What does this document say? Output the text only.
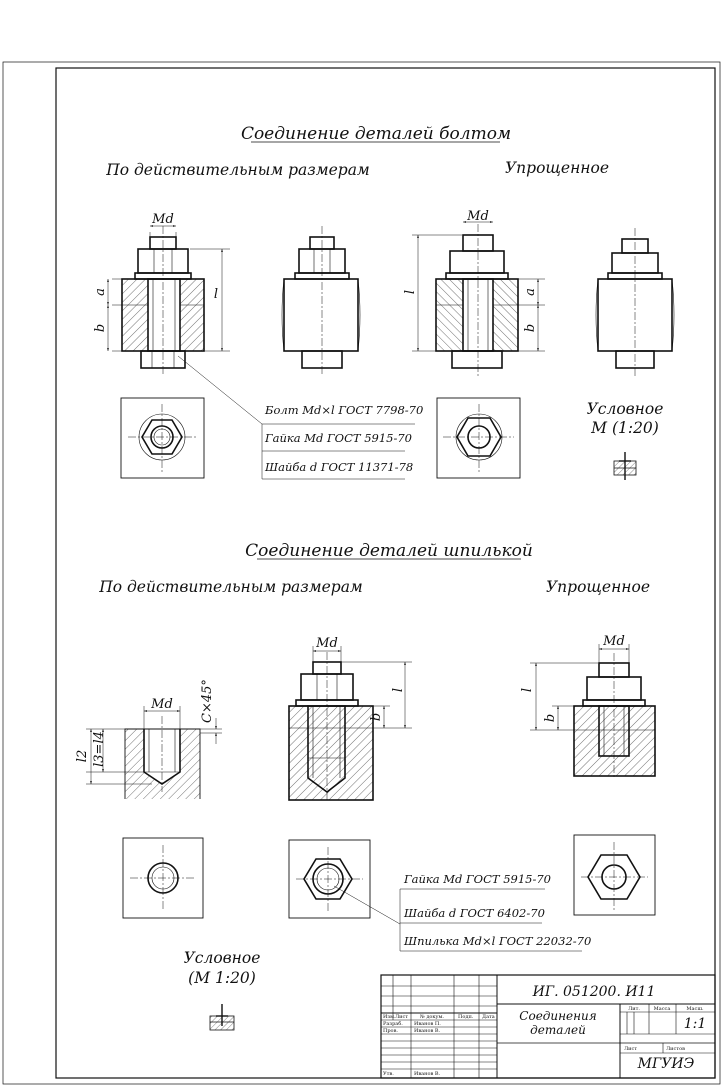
Соединение деталей болтом
По действительным размерам	Упрощенное
Md
a
b
l
Md
l	a
b
Болт Md×l ГОСТ 7798-70
Гайка Md ГОСТ 5915-70
Шайба d ГОСТ 11371-78
Условное
М (1:20)
Соединение деталей шпилькой
По действительным размерам	Упрощенное
Md C×45°
l2 l3=l4
Md
l
b
Md
l
b
Гайка Md ГОСТ 5915-70
Шайба d ГОСТ 6402-70
Шпилька Md×l ГОСТ 22032-70
Условное
(М 1:20)
ИГ. 051200. И11
Соединения
деталей
Лит.	Масса	Масш.
1:1
Лист	Листов
МГУИЭ
Изм. Лист № докум.	Подп. Дата
Разраб. Иванов П.
Пров.	Иванов В.
Утв.	Иванов В.
